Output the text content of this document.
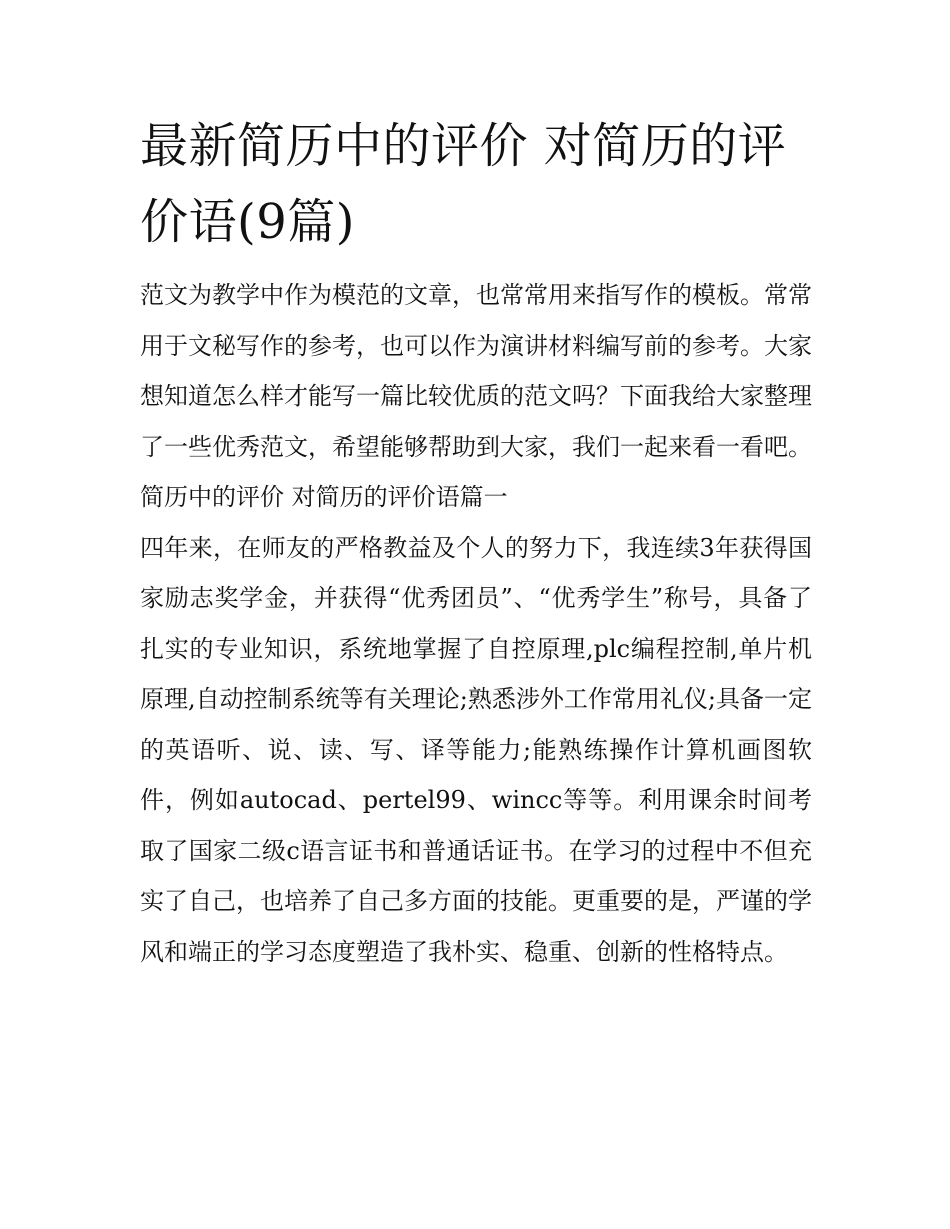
最新简历中的评价 对简历的评价语(9篇)

范文为教学中作为模范的文章，也常常用来指写作的模板。常常用于文秘写作的参考，也可以作为演讲材料编写前的参考。大家想知道怎么样才能写一篇比较优质的范文吗？下面我给大家整理了一些优秀范文，希望能够帮助到大家，我们一起来看一看吧。

简历中的评价 对简历的评价语篇一

四年来，在师友的严格教益及个人的努力下，我连续3年获得国家励志奖学金，并获得“优秀团员”、“优秀学生”称号，具备了扎实的专业知识，系统地掌握了自控原理,plc编程控制,单片机原理,自动控制系统等有关理论;熟悉涉外工作常用礼仪;具备一定的英语听、说、读、写、译等能力;能熟练操作计算机画图软件，例如autocad、pertel99、wincc等等。利用课余时间考取了国家二级c语言证书和普通话证书。在学习的过程中不但充实了自己，也培养了自己多方面的技能。更重要的是，严谨的学风和端正的学习态度塑造了我朴实、稳重、创新的性格特点。
